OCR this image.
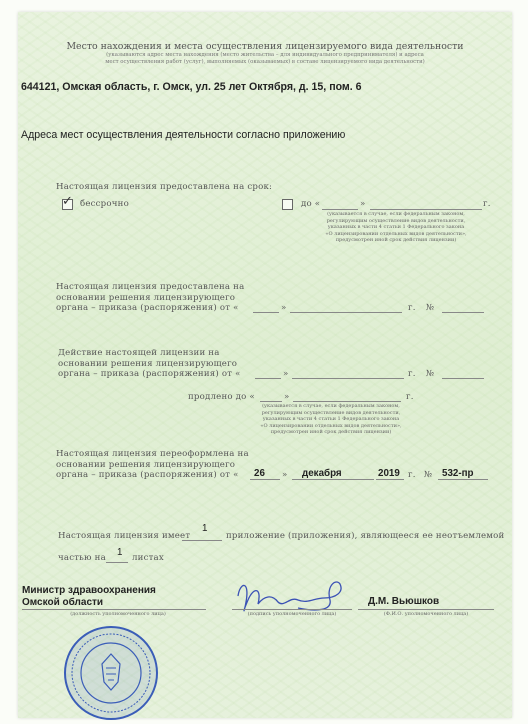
Место нахождения и места осуществления лицензируемого вида деятельности
(указываются адрес места нахождения (место жительства – для индивидуального предпринимателя) и адреса
мест осуществления работ (услуг), выполняемых (оказываемых) в составе лицензируемого вида деятельности)
644121, Омская область, г. Омск, ул. 25 лет Октября, д. 15, пом. 6
Адреса мест осуществления деятельности согласно приложению
Настоящая лицензия предоставлена на срок:
✓ бессрочно	до «	»	г.
(указывается в случае, если федеральным законом,
регулирующим осуществление видов деятельности,
указанных в части 4 статьи 1 Федерального закона
«О лицензировании отдельных видов деятельности»,
предусмотрен иной срок действия лицензии)
Настоящая лицензия предоставлена на
основании решения лицензирующего
органа – приказа (распоряжения) от «	»	г. №
Действие настоящей лицензии на
основании решения лицензирующего
органа – приказа (распоряжения) от «	»	г. №
продлено до «	»	г.
(указывается в случае, если федеральным законом,
регулирующим осуществление видов деятельности,
указанных в части 4 статьи 1 Федерального закона
«О лицензировании отдельных видов деятельности»,
предусмотрен иной срок действия лицензии)
Настоящая лицензия переоформлена на
основании решения лицензирующего
органа – приказа (распоряжения) от «	26 » декабря	2019 г. № 532-пр
Настоящая лицензия имеет
1
приложение (приложения), являющееся ее неотъемлемой
частью на 1 листах
Министр здравоохранения
Омской области
(должность уполномоченного лица)	(подпись уполномоченного лица)
Д.М. Вьюшков
(Ф.И.О. уполномоченного лица)
